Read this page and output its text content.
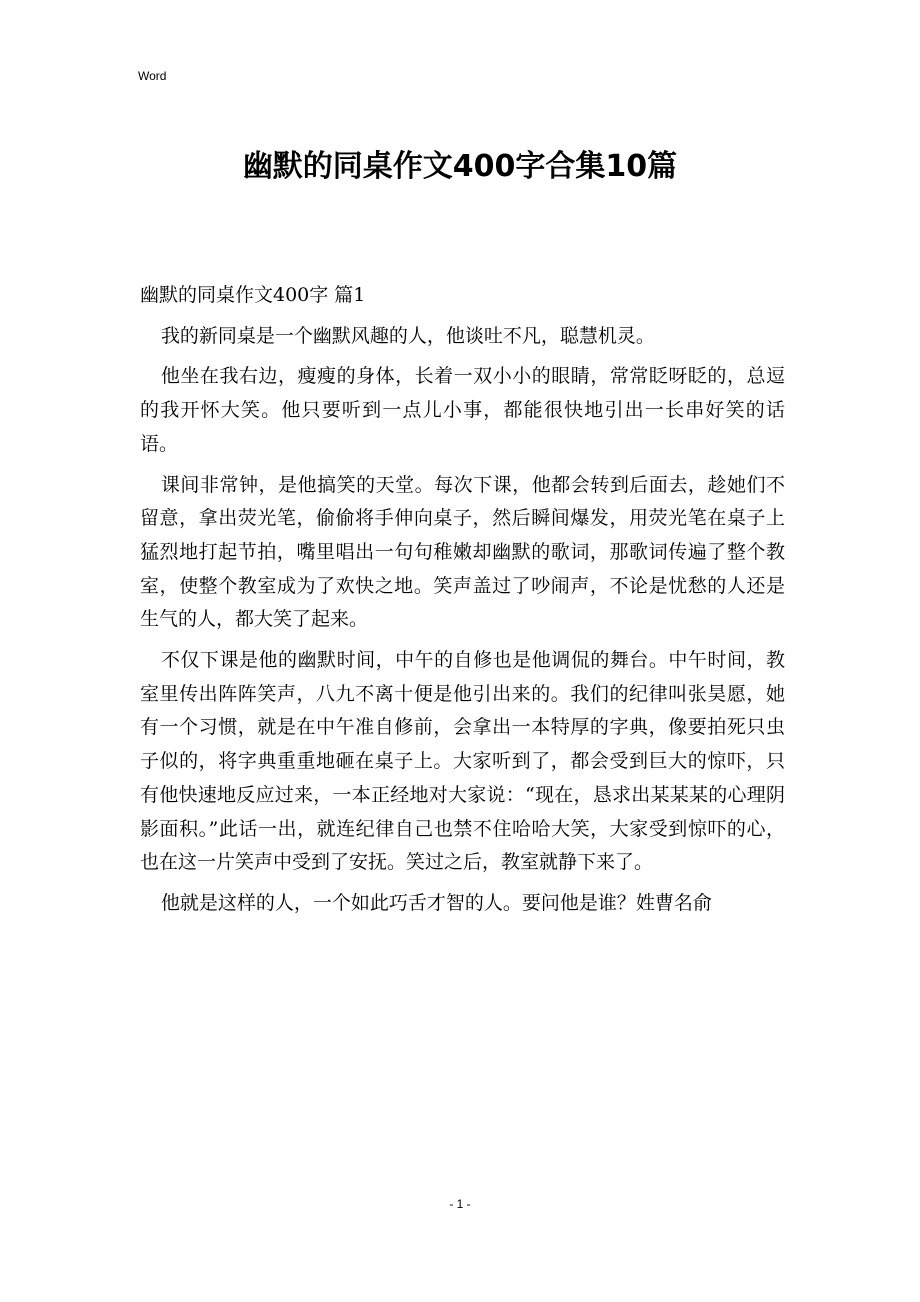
Word
幽默的同桌作文400字合集10篇

幽默的同桌作文400字 篇1

我的新同桌是一个幽默风趣的人，他谈吐不凡，聪慧机灵。

他坐在我右边，瘦瘦的身体，长着一双小小的眼睛，常常眨呀眨的，总逗的我开怀大笑。他只要听到一点儿小事，都能很快地引出一长串好笑的话语。

课间非常钟，是他搞笑的天堂。每次下课，他都会转到后面去，趁她们不留意，拿出荧光笔，偷偷将手伸向桌子，然后瞬间爆发，用荧光笔在桌子上猛烈地打起节拍，嘴里唱出一句句稚嫩却幽默的歌词，那歌词传遍了整个教室，使整个教室成为了欢快之地。笑声盖过了吵闹声，不论是忧愁的人还是生气的人，都大笑了起来。

不仅下课是他的幽默时间，中午的自修也是他调侃的舞台。中午时间，教室里传出阵阵笑声，八九不离十便是他引出来的。我们的纪律叫张昊愿，她有一个习惯，就是在中午准自修前，会拿出一本特厚的字典，像要拍死只虫子似的，将字典重重地砸在桌子上。大家听到了，都会受到巨大的惊吓，只有他快速地反应过来，一本正经地对大家说：“现在，恳求出某某某的心理阴影面积。”此话一出，就连纪律自己也禁不住哈哈大笑，大家受到惊吓的心，也在这一片笑声中受到了安抚。笑过之后，教室就静下来了。

他就是这样的人，一个如此巧舌才智的人。要问他是谁？姓曹名俞

- 1 -
